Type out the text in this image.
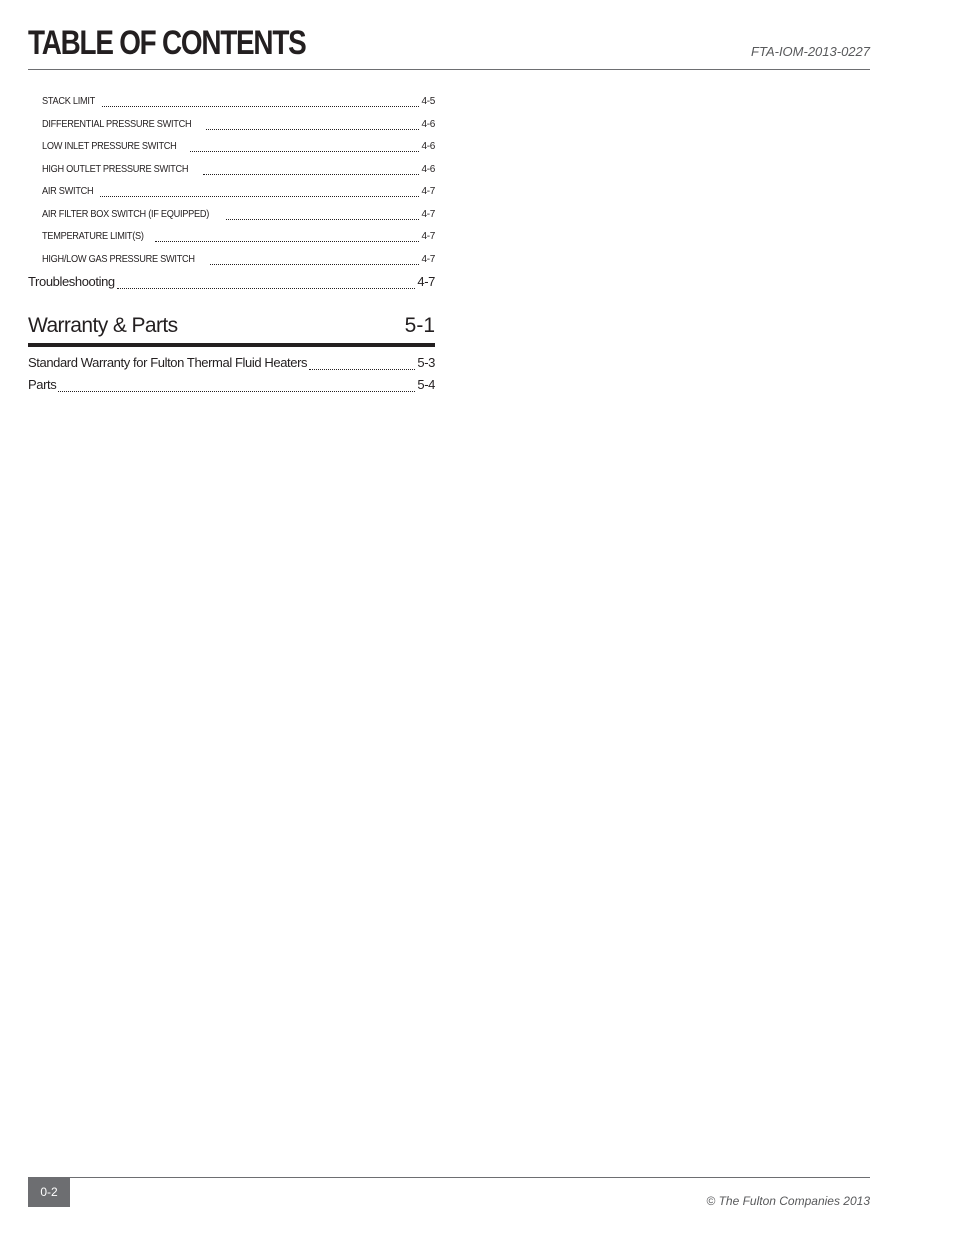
TABLE OF CONTENTS	FTA-IOM-2013-0227
STACK LIMIT	4-5
DIFFERENTIAL PRESSURE SWITCH	4-6
LOW INLET PRESSURE SWITCH	4-6
HIGH OUTLET PRESSURE SWITCH	4-6
AIR SWITCH	4-7
AIR FILTER BOX SWITCH (IF EQUIPPED)	4-7
TEMPERATURE LIMIT(S)	4-7
HIGH/LOW GAS PRESSURE SWITCH	4-7
Troubleshooting	4-7
Warranty & Parts	5-1
Standard Warranty for Fulton Thermal Fluid Heaters	5-3
Parts	5-4
0-2
© The Fulton Companies 2013
